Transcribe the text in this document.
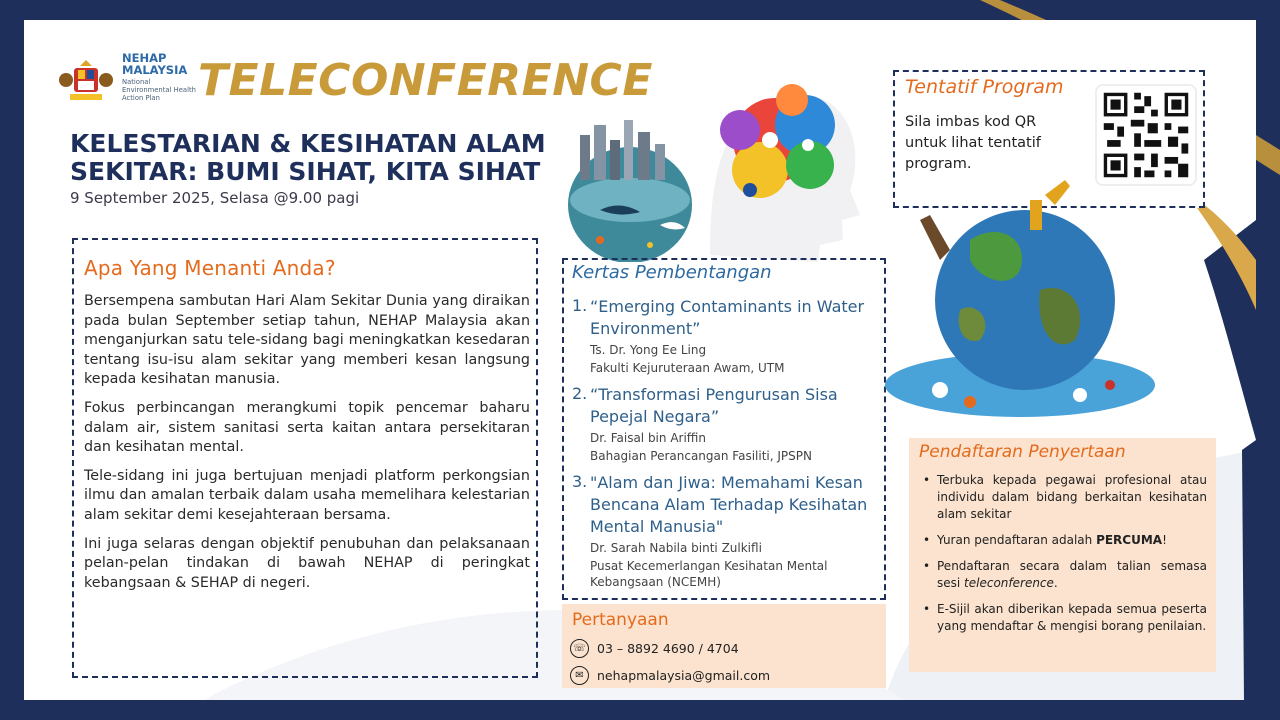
NEHAP
MALAYSIA
National Environmental Health Action Plan TELECONFERENCE
KELESTARIAN & KESIHATAN ALAM SEKITAR: BUMI SIHAT, KITA SIHAT
9 September 2025, Selasa @9.00 pagi
Apa Yang Menanti Anda?

Bersempena sambutan Hari Alam Sekitar Dunia yang diraikan pada bulan September setiap tahun, NEHAP Malaysia akan menganjurkan satu tele-sidang bagi meningkatkan kesedaran tentang isu-isu alam sekitar yang memberi kesan langsung kepada kesihatan manusia.

Fokus perbincangan merangkumi topik pencemar baharu dalam air, sistem sanitasi serta kaitan antara persekitaran dan kesihatan mental.

Tele-sidang ini juga bertujuan menjadi platform perkongsian ilmu dan amalan terbaik dalam usaha memelihara kelestarian alam sekitar demi kesejahteraan bersama.

Ini juga selaras dengan objektif penubuhan dan pelaksanaan pelan-pelan tindakan di bawah NEHAP di peringkat kebangsaan & SEHAP di negeri.

Kertas Pembentangan
1. “Emerging Contaminants in Water Environment”
Ts. Dr. Yong Ee Ling
Fakulti Kejuruteraan Awam, UTM
2. “Transformasi Pengurusan Sisa Pepejal Negara”
Dr. Faisal bin Ariffin
Bahagian Perancangan Fasiliti, JPSPN
3. "Alam dan Jiwa: Memahami Kesan Bencana Alam Terhadap Kesihatan Mental Manusia"
Dr. Sarah Nabila binti Zulkifli
Pusat Kecemerlangan Kesihatan Mental Kebangsaan (NCEMH)
Pertanyaan
☏ 03 – 8892 4690 / 4704
✉	nehapmalaysia@gmail.com
Tentatif Program
Sila imbas kod QR untuk lihat tentatif program.
Pendaftaran Penyertaan
• Terbuka kepada pegawai profesional atau individu dalam bidang berkaitan kesihatan alam sekitar
• Yuran pendaftaran adalah PERCUMA!
• Pendaftaran secara dalam talian semasa sesi teleconference.
• E-Sijil akan diberikan kepada semua peserta yang mendaftar & mengisi borang penilaian.
